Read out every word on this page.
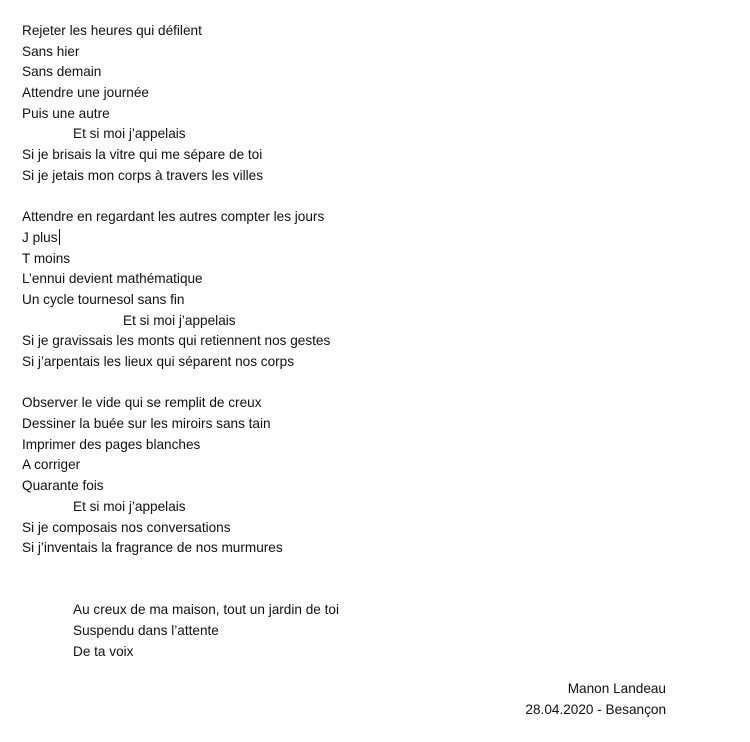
Rejeter les heures qui défilent
Sans hier
Sans demain
Attendre une journée
Puis une autre
Et si moi j’appelais
Si je brisais la vitre qui me sépare de toi
Si je jetais mon corps à travers les villes
Attendre en regardant les autres compter les jours
J plus
T moins
L’ennui devient mathématique
Un cycle tournesol sans fin
Et si moi j’appelais
Si je gravissais les monts qui retiennent nos gestes
Si j’arpentais les lieux qui séparent nos corps
Observer le vide qui se remplit de creux
Dessiner la buée sur les miroirs sans tain
Imprimer des pages blanches
A corriger
Quarante fois
Et si moi j’appelais
Si je composais nos conversations
Si j’inventais la fragrance de nos murmures
Au creux de ma maison, tout un jardin de toi
Suspendu dans l’attente
De ta voix
Manon Landeau
28.04.2020 - Besançon
